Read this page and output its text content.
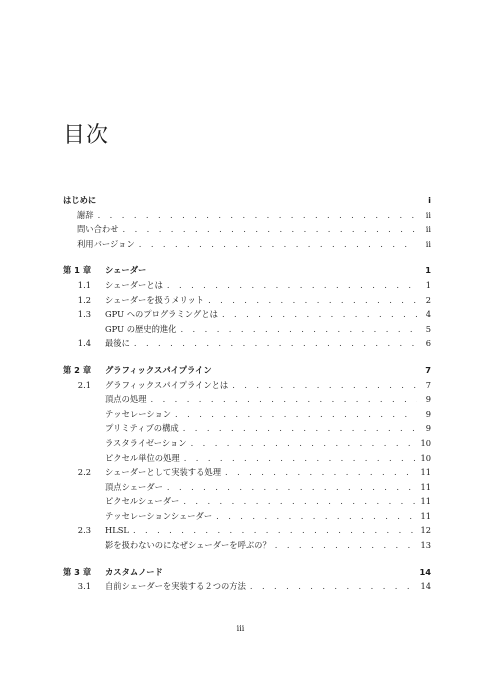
目次
はじめに	i
謝辞 . . .	ii
問い合わせ . . .	ii
利用バージョン . . .	ii
第 1 章	シェーダー	1
1.1	シェーダーとは . . .	1
1.2	シェーダーを扱うメリット . . .	2
1.3	GPU へのプログラミングとは . . .	4
GPU の歴史的進化 . . .	5
1.4	最後に . . .	6
第 2 章	グラフィックスパイプライン	7
2.1	グラフィックスパイプラインとは . . .	7
頂点の処理 . . .	9
テッセレーション . . .	9
プリミティブの構成 . . .	9
ラスタライゼーション . . .	10
ピクセル単位の処理 . . .	10
2.2	シェーダーとして実装する処理 . . .	11
頂点シェーダー . . .	11
ピクセルシェーダー . . .	11
テッセレーションシェーダー . . .	11
2.3	HLSL . . .	12
影を扱わないのになぜシェーダーを呼ぶの？ . . .	13
第 3 章	カスタムノード	14
3.1	自前シェーダーを実装する２つの方法 . . .	14
iii
